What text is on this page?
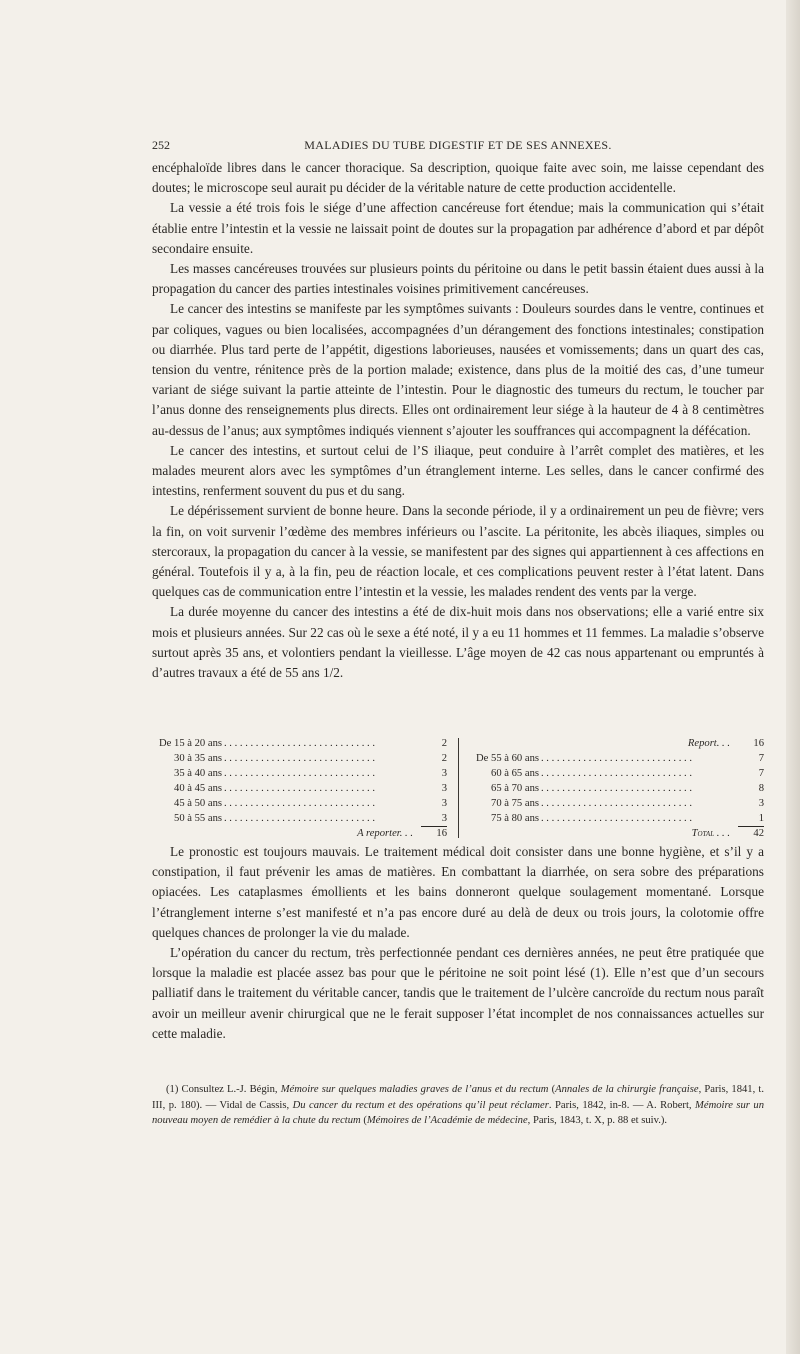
252	MALADIES DU TUBE DIGESTIF ET DE SES ANNEXES.

encéphaloïde libres dans le cancer thoracique. Sa description, quoique faite avec soin, me laisse cependant des doutes; le microscope seul aurait pu décider de la véritable nature de cette production accidentelle.

La vessie a été trois fois le siége d’une affection cancéreuse fort étendue; mais la communication qui s’était établie entre l’intestin et la vessie ne laissait point de doutes sur la propagation par adhérence d’abord et par dépôt secondaire ensuite.

Les masses cancéreuses trouvées sur plusieurs points du péritoine ou dans le petit bassin étaient dues aussi à la propagation du cancer des parties intestinales voisines primitivement cancéreuses.

Le cancer des intestins se manifeste par les symptômes suivants : Douleurs sourdes dans le ventre, continues et par coliques, vagues ou bien localisées, accompagnées d’un dérangement des fonctions intestinales; constipation ou diarrhée. Plus tard perte de l’appétit, digestions laborieuses, nausées et vomissements; dans un quart des cas, tension du ventre, rénitence près de la portion malade; existence, dans plus de la moitié des cas, d’une tumeur variant de siége suivant la partie atteinte de l’intestin. Pour le diagnostic des tumeurs du rectum, le toucher par l’anus donne des renseignements plus directs. Elles ont ordinairement leur siége à la hauteur de 4 à 8 centimètres au-dessus de l’anus; aux symptômes indiqués viennent s’ajouter les souffrances qui accompagnent la défécation.

Le cancer des intestins, et surtout celui de l’S iliaque, peut conduire à l’arrêt complet des matières, et les malades meurent alors avec les symptômes d’un étranglement interne. Les selles, dans le cancer confirmé des intestins, renferment souvent du pus et du sang.

Le dépérissement survient de bonne heure. Dans la seconde période, il y a ordinairement un peu de fièvre; vers la fin, on voit survenir l’œdème des membres inférieurs ou l’ascite. La péritonite, les abcès iliaques, simples ou stercoraux, la propagation du cancer à la vessie, se manifestent par des signes qui appartiennent à ces affections en général. Toutefois il y a, à la fin, peu de réaction locale, et ces complications peuvent rester à l’état latent. Dans quelques cas de communication entre l’intestin et la vessie, les malades rendent des vents par la verge.

La durée moyenne du cancer des intestins a été de dix-huit mois dans nos observations; elle a varié entre six mois et plusieurs années. Sur 22 cas où le sexe a été noté, il y a eu 11 hommes et 11 femmes. La maladie s’observe surtout après 35 ans, et volontiers pendant la vieillesse. L’âge moyen de 42 cas nous appartenant ou empruntés à d’autres travaux a été de 55 ans 1/2.

De 15 à 20 ans . . . . . . . . . . . . . . . . . . . . . . . . . . . . .	2
30 à 35 ans . . . . . . . . . . . . . . . . . . . . . . . . . . . . .	2
35 à 40 ans . . . . . . . . . . . . . . . . . . . . . . . . . . . . .	3
40 à 45 ans . . . . . . . . . . . . . . . . . . . . . . . . . . . . .	3
45 à 50 ans . . . . . . . . . . . . . . . . . . . . . . . . . . . . .	3
50 à 55 ans . . . . . . . . . . . . . . . . . . . . . . . . . . . . .	3
A reporter. . .	16
Report. . .	16
De 55 à 60 ans . . . . . . . . . . . . . . . . . . . . . . . . . . . . .	7
60 à 65 ans . . . . . . . . . . . . . . . . . . . . . . . . . . . . .	7
65 à 70 ans . . . . . . . . . . . . . . . . . . . . . . . . . . . . .	8
70 à 75 ans . . . . . . . . . . . . . . . . . . . . . . . . . . . . .	3
75 à 80 ans . . . . . . . . . . . . . . . . . . . . . . . . . . . . .	1
Total . . .	42

Le pronostic est toujours mauvais. Le traitement médical doit consister dans une bonne hygiène, et s’il y a constipation, il faut prévenir les amas de matières. En combattant la diarrhée, on sera sobre des préparations opiacées. Les cataplasmes émollients et les bains donneront quelque soulagement momentané. Lorsque l’étranglement interne s’est manifesté et n’a pas encore duré au delà de deux ou trois jours, la colotomie offre quelques chances de prolonger la vie du malade.

L’opération du cancer du rectum, très perfectionnée pendant ces dernières années, ne peut être pratiquée que lorsque la maladie est placée assez bas pour que le péritoine ne soit point lésé (1). Elle n’est que d’un secours palliatif dans le traitement du véritable cancer, tandis que le traitement de l’ulcère cancroïde du rectum nous paraît avoir un meilleur avenir chirurgical que ne le ferait supposer l’état incomplet de nos connaissances actuelles sur cette maladie.

(1) Consultez L.-J. Bégin, Mémoire sur quelques maladies graves de l’anus et du rectum (Annales de la chirurgie française, Paris, 1841, t. III, p. 180). — Vidal de Cassis, Du cancer du rectum et des opérations qu’il peut réclamer. Paris, 1842, in-8. — A. Robert, Mémoire sur un nouveau moyen de remédier à la chute du rectum (Mémoires de l’Académie de médecine, Paris, 1843, t. X, p. 88 et suiv.).
